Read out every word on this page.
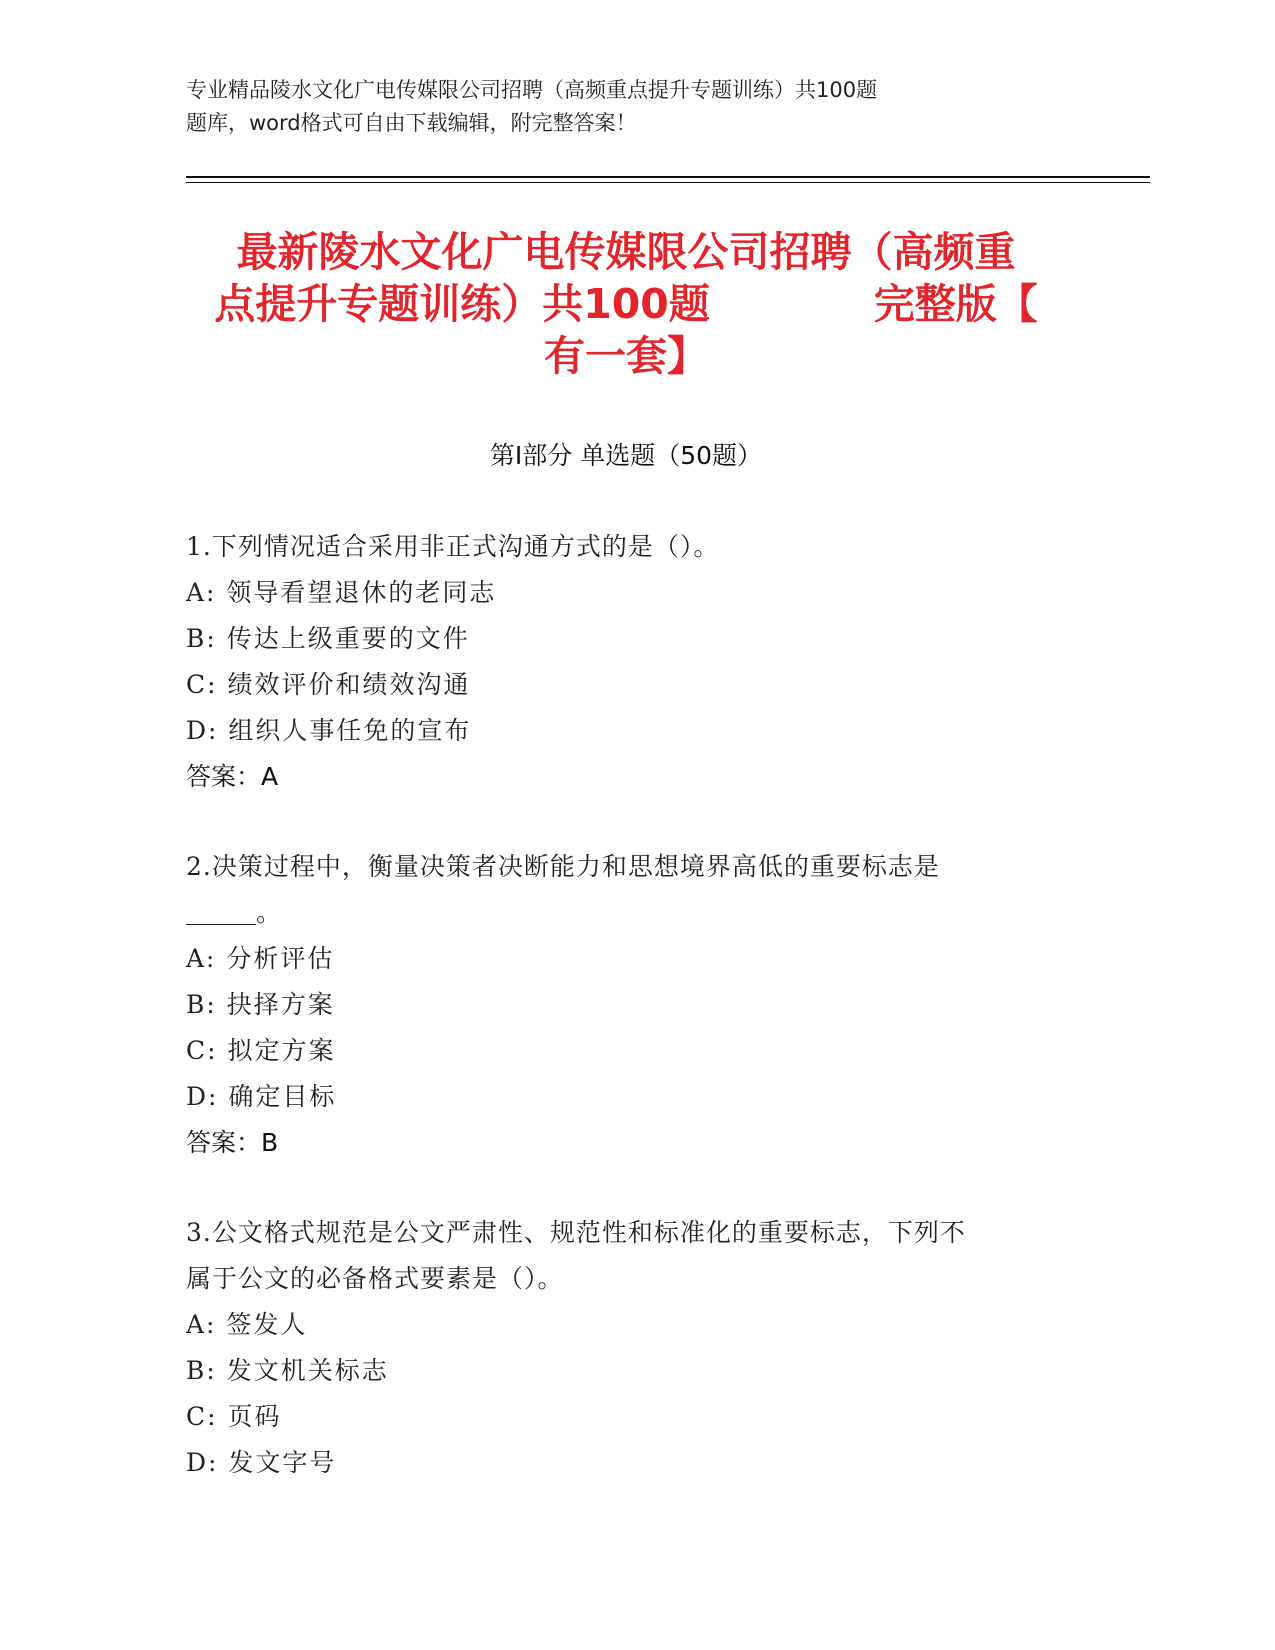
专业精品陵水文化广电传媒限公司招聘（高频重点提升专题训练）共100题
题库，word格式可自由下载编辑，附完整答案！
最新陵水文化广电传媒限公司招聘（高频重
点提升专题训练）共100题　　　　完整版【
有一套】
第Ⅰ部分 单选题（50题）
1.下列情况适合采用非正式沟通方式的是（）。
A: 领导看望退休的老同志
B: 传达上级重要的文件
C: 绩效评价和绩效沟通
D: 组织人事任免的宣布
答案：A
2.决策过程中，衡量决策者决断能力和思想境界高低的重要标志是
。
A: 分析评估
B: 抉择方案
C: 拟定方案
D: 确定目标
答案：B
3.公文格式规范是公文严肃性、规范性和标准化的重要标志，下列不
属于公文的必备格式要素是（）。
A: 签发人
B: 发文机关标志
C: 页码
D: 发文字号
